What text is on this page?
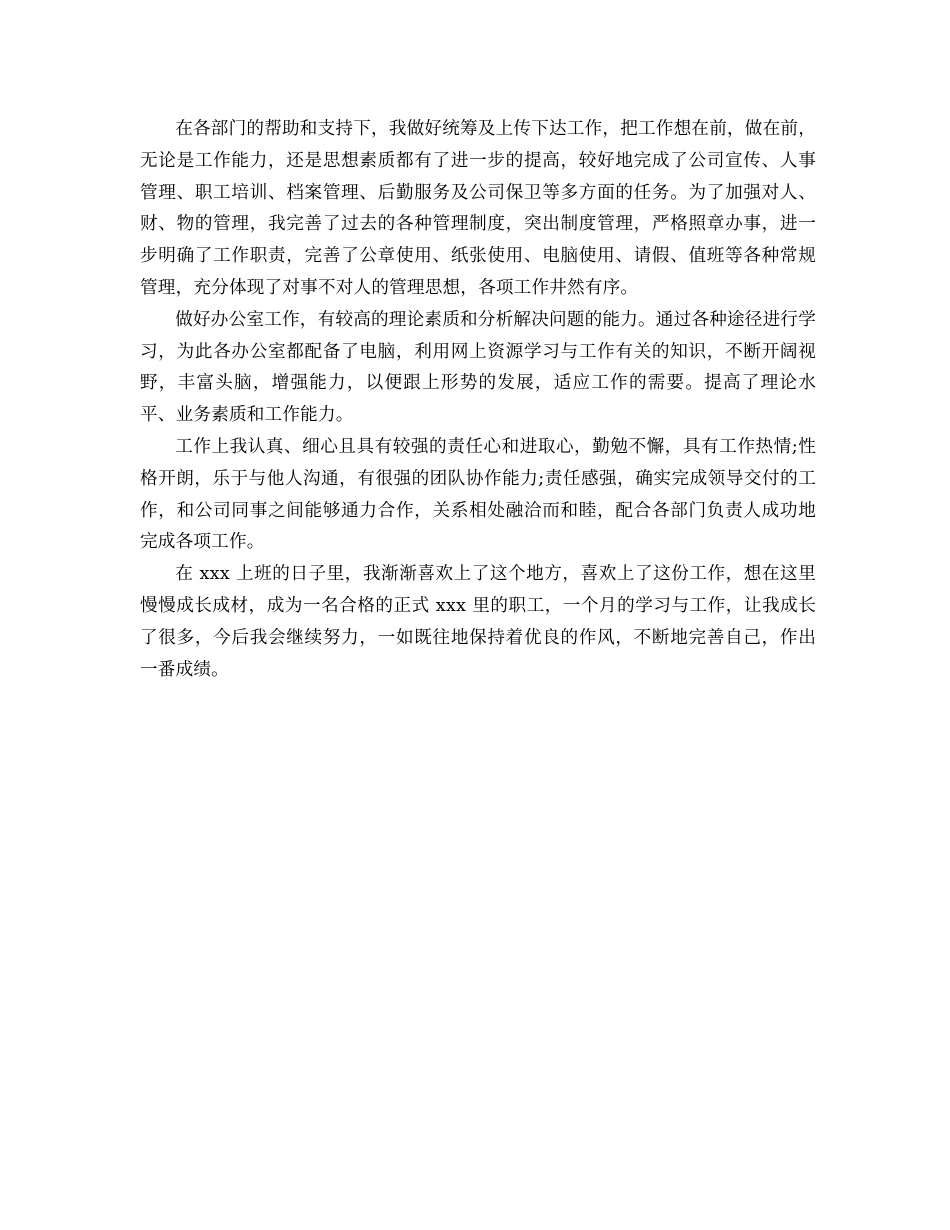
在各部门的帮助和支持下，我做好统筹及上传下达工作，把工作想在前，做在前，无论是工作能力，还是思想素质都有了进一步的提高，较好地完成了公司宣传、人事管理、职工培训、档案管理、后勤服务及公司保卫等多方面的任务。为了加强对人、财、物的管理，我完善了过去的各种管理制度，突出制度管理，严格照章办事，进一步明确了工作职责，完善了公章使用、纸张使用、电脑使用、请假、值班等各种常规管理，充分体现了对事不对人的管理思想，各项工作井然有序。

做好办公室工作，有较高的理论素质和分析解决问题的能力。通过各种途径进行学习，为此各办公室都配备了电脑，利用网上资源学习与工作有关的知识，不断开阔视野，丰富头脑，增强能力，以便跟上形势的发展，适应工作的需要。提高了理论水平、业务素质和工作能力。

工作上我认真、细心且具有较强的责任心和进取心，勤勉不懈，具有工作热情;性格开朗，乐于与他人沟通，有很强的团队协作能力;责任感强，确实完成领导交付的工作，和公司同事之间能够通力合作，关系相处融洽而和睦，配合各部门负责人成功地完成各项工作。

在 xxx 上班的日子里，我渐渐喜欢上了这个地方，喜欢上了这份工作，想在这里慢慢成长成材，成为一名合格的正式 xxx 里的职工，一个月的学习与工作，让我成长了很多，今后我会继续努力，一如既往地保持着优良的作风，不断地完善自己，作出一番成绩。
